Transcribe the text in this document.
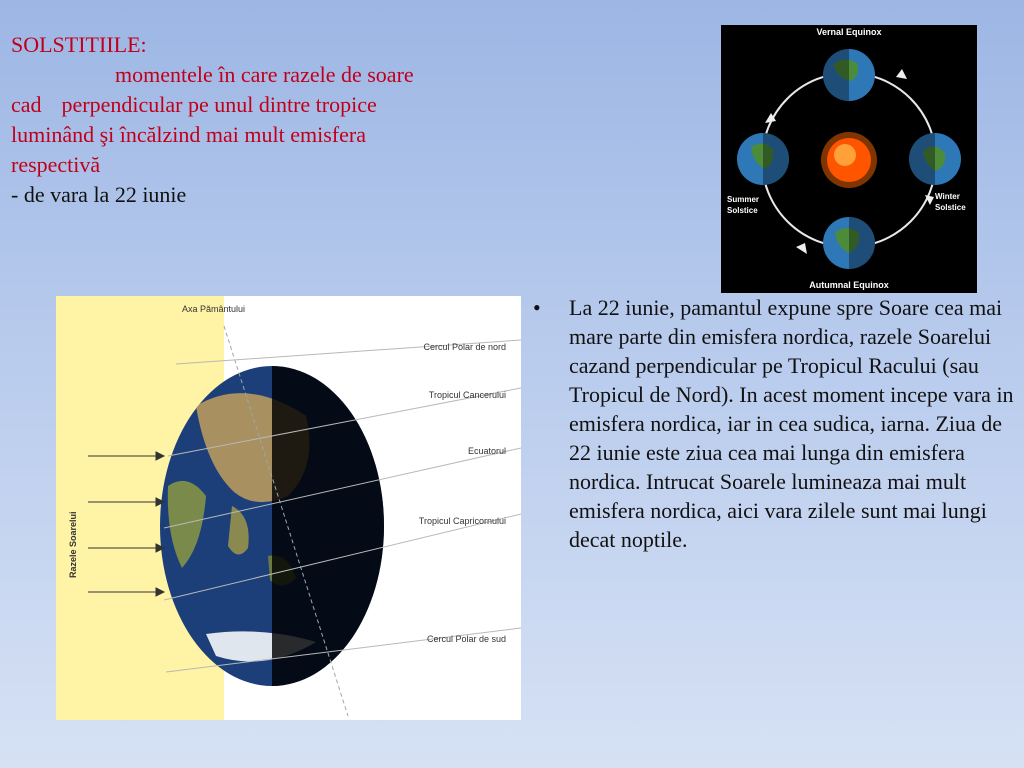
SOLSTITIILE:
momentele în care razele de soare
cad perpendicular pe unul dintre tropice
luminând şi încălzind mai mult emisfera
respectivă
- de vara la 22 iunie
Vernal Equinox
Autumnal Equinox
Summer
Solstice
Winter
Solstice
Axa Pământului
Razele Soarelui
Cercul Polar de nord
Tropicul Cancerului
Ecuatorul
Tropicul Capricornului
Cercul Polar de sud
• La 22 iunie, pamantul expune spre Soare cea mai mare parte din emisfera nordica, razele Soarelui cazand perpendicular pe Tropicul Racului (sau Tropicul de Nord). In acest moment incepe vara in emisfera nordica, iar in cea sudica, iarna. Ziua de 22 iunie este ziua cea mai lunga din emisfera nordica. Intrucat Soarele lumineaza mai mult emisfera nordica, aici vara zilele sunt mai lungi decat noptile.
